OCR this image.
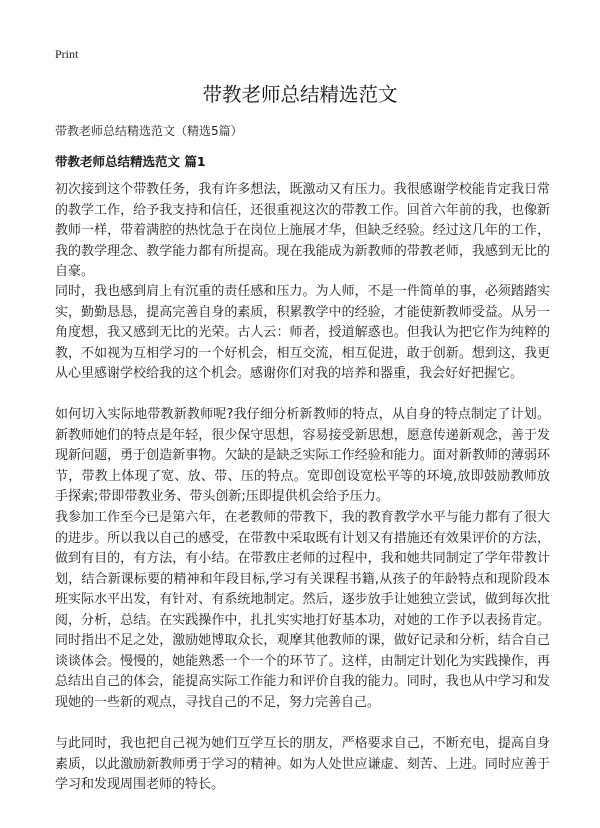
Print
带教老师总结精选范文

带教老师总结精选范文（精选5篇）

带教老师总结精选范文 篇1

初次接到这个带教任务，我有许多想法，既激动又有压力。我很感谢学校能肯定我日常的教学工作，给予我支持和信任，还很重视这次的带教工作。回首六年前的我，也像新教师一样，带着满腔的热忱急于在岗位上施展才华，但缺乏经验。经过这几年的工作，我的教学理念、教学能力都有所提高。现在我能成为新教师的带教老师，我感到无比的自豪。

同时，我也感到肩上有沉重的责任感和压力。为人师，不是一件简单的事，必须踏踏实实，勤勤恳恳，提高完善自身的素质，积累教学中的经验，才能使新教师受益。从另一角度想，我又感到无比的光荣。古人云：师者，授道解惑也。但我认为把它作为纯粹的教，不如视为互相学习的一个好机会，相互交流，相互促进，敢于创新。想到这，我更从心里感谢学校给我的这个机会。感谢你们对我的培养和器重，我会好好把握它。

如何切入实际地带教新教师呢?我仔细分析新教师的特点，从自身的特点制定了计划。新教师她们的特点是年轻，很少保守思想，容易接受新思想，愿意传递新观念，善于发现新问题，勇于创造新事物。欠缺的是缺乏实际工作经验和能力。面对新教师的薄弱环节，带教上体现了宽、放、带、压的特点。宽即创设宽松平等的环境,放即鼓励教师放手探索;带即带教业务、带头创新;压即提供机会给予压力。

我参加工作至今已是第六年，在老教师的带教下，我的教育教学水平与能力都有了很大的进步。所以我以自己的感受，在带教中采取既有计划又有措施还有效果评价的方法，做到有目的，有方法，有小结。在带教庄老师的过程中，我和她共同制定了学年带教计划，结合新课标要的精神和年段目标,学习有关课程书籍,从孩子的年龄特点和现阶段本班实际水平出发，有针对、有系统地制定。然后，逐步放手让她独立尝试，做到每次批阅，分析，总结。在实践操作中，扎扎实实地打好基本功，对她的工作予以表扬肯定。同时指出不足之处，激励她博取众长，观摩其他教师的课，做好记录和分析，结合自己谈谈体会。慢慢的，她能熟悉一个一个的环节了。这样，由制定计划化为实践操作，再总结出自己的体会，能提高实际工作能力和评价自我的能力。同时，我也从中学习和发现她的一些新的观点，寻找自己的不足，努力完善自己。

与此同时，我也把自己视为她们互学互长的朋友，严格要求自己，不断充电，提高自身素质，以此激励新教师勇于学习的精神。如为人处世应谦虚、刻苦、上进。同时应善于学习和发现周围老师的特长。
